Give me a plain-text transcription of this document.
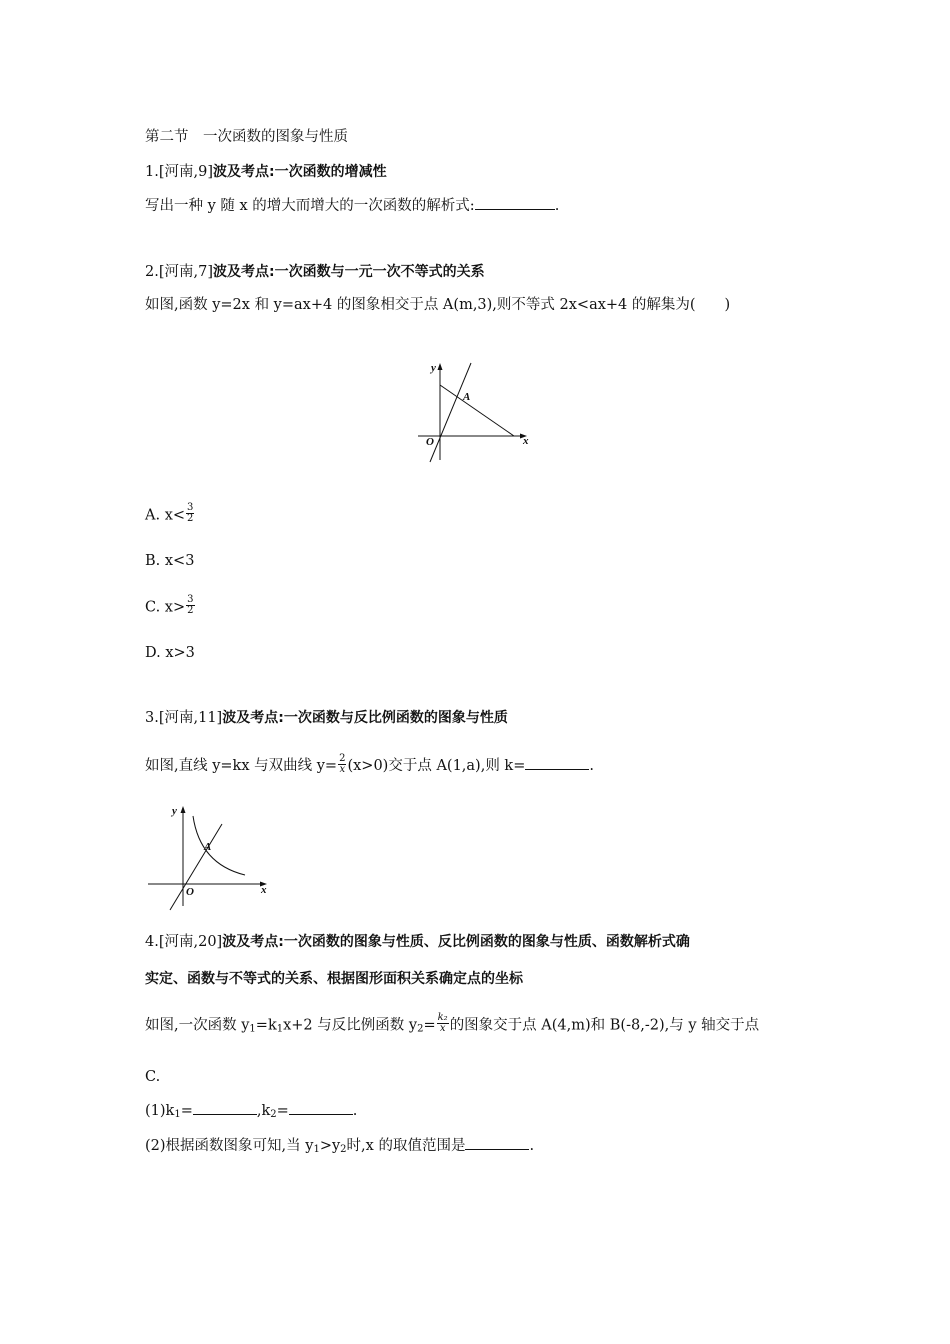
第二节　一次函数的图象与性质
1.[河南,9]波及考点:一次函数的增减性
写出一种 y 随 x 的增大而增大的一次函数的解析式:	.
2.[河南,7]波及考点:一次函数与一元一次不等式的关系
如图,函数 y=2x 和 y=ax+4 的图象相交于点 A(m,3),则不等式 2x<ax+4 的解集为(　　)
y
x
O
A
A. $x< \frac{3}{2}$
B. x<3
C. $x> \frac{3}{2}$
D. x>3
3.[河南,11]波及考点:一次函数与反比例函数的图象与性质
如图,直线 y=kx 与双曲线 $y= \frac{2}{x} (x>0)$交于点 A(1,a),则 k=	.
y
x
O
A
4.[河南,20]波及考点:一次函数的图象与性质、反比例函数的图象与性质、函数解析式确
实定、函数与不等式的关系、根据图形面积关系确定点的坐标
如图,一次函数 $y_1=k_1x+2$ 与反比例函数 $y_2= \frac{\text{k₂}}{x}$ 的图象交于点 A(4,m)和 B(-8,-2),与 y 轴交于点
C.
$(1)k_1=$	$,k_2=$	.
(2)根据函数图象可知,当 $y_1>y_2$时,x 的取值范围是	.
